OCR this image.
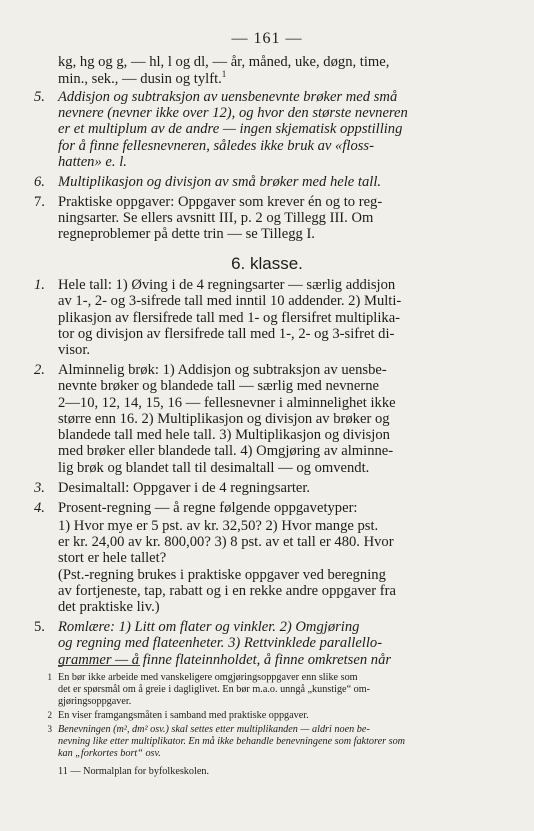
— 161 —
kg, hg og g, — hl, l og dl, — år, måned, uke, døgn, time,
min., sek., — dusin og tylft.$^1$
5. Addisjon og subtraksjon av uensbenevnte brøker med små
nevnere (nevner ikke over 12), og hvor den største nevneren
er et multiplum av de andre — ingen skjematisk oppstilling
for å finne fellesnevneren, således ikke bruk av «floss-
hatten» e. l.
6. Multiplikasjon og divisjon av små brøker med hele tall.
7. Praktiske oppgaver: Oppgaver som krever én og to reg-
ningsarter. Se ellers avsnitt III, p. 2 og Tillegg III. Om
regneproblemer på dette trin — se Tillegg I.
6. klasse.
1. Hele tall: 1) Øving i de 4 regningsarter — særlig addisjon
av 1-, 2- og 3-sifrede tall med inntil 10 addender. 2) Multi-
plikasjon av flersifrede tall med 1- og flersifret multiplika-
tor og divisjon av flersifrede tall med 1-, 2- og 3-sifret di-
visor.
2. Alminnelig brøk: 1) Addisjon og subtraksjon av uensbe-
nevnte brøker og blandede tall — særlig med nevnerne
2—10, 12, 14, 15, 16 — fellesnevner i alminnelighet ikke
større enn 16. 2) Multiplikasjon og divisjon av brøker og
blandede tall med hele tall. 3) Multiplikasjon og divisjon
med brøker eller blandede tall. 4) Omgjøring av alminne-
lig brøk og blandet tall til desimaltall — og omvendt.
3. Desimaltall: Oppgaver i de 4 regningsarter.
4. Prosent-regning — å regne følgende oppgavetyper:
1) Hvor mye er 5 pst. av kr. 32,50? 2) Hvor mange pst.
er kr. 24,00 av kr. 800,00? 3) 8 pst. av et tall er 480. Hvor
stort er hele tallet?
(Pst.-regning brukes i praktiske oppgaver ved beregning
av fortjeneste, tap, rabatt og i en rekke andre oppgaver fra
det praktiske liv.)
5. Romlære: 1) Litt om flater og vinkler. 2) Omgjøring
og regning med flateenheter. 3) Rettvinklede parallello-
grammer — å finne flateinnholdet, å finne omkretsen når
1 En bør ikke arbeide med vanskeligere omgjøringsoppgaver enn slike som
det er spørsmål om å greie i dagliglivet. En bør m.a.o. unngå „kunstige“ om-
gjøringsoppgaver.
2 En viser framgangsmåten i samband med praktiske oppgaver.
3 Benevningen (m², dm² osv.) skal settes etter multiplikanden — aldri noen be-
nevning like etter multiplikator. En må ikke behandle benevningene som faktorer som
kan „forkortes bort“ osv.
11 — Normalplan for byfolkeskolen.
